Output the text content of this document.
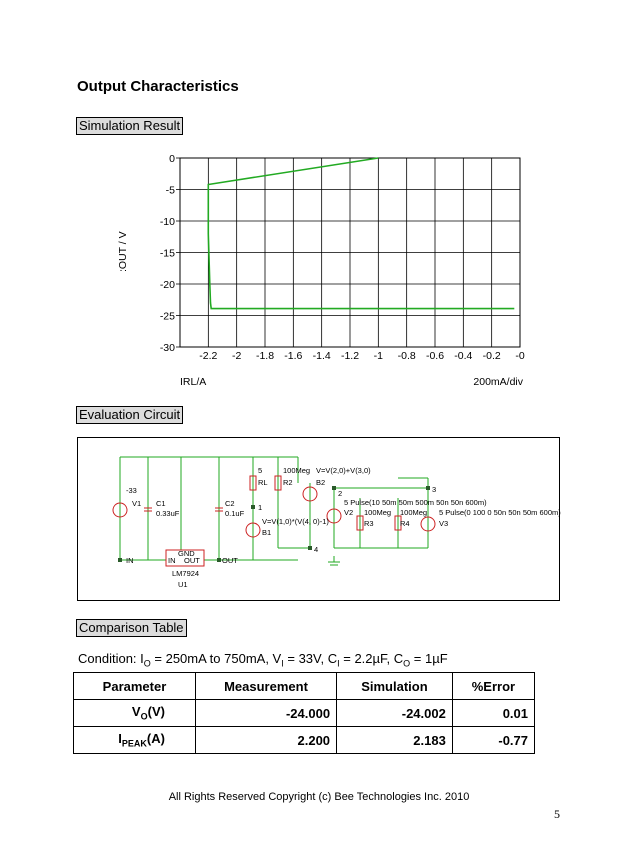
Output Characteristics
Simulation Result
-2.2 -2 -1.8 -1.6 -1.4 -1.2 -1 -0.8 -0.6 -0.4 -0.2 -0
0
-5
-10
-15
-20
-25
-30
:OUT / V
IRL/A	200mA/div
Evaluation Circuit
-33
V1 C1
0.33uF
C2
0.1uF
5
RL
100Meg
R2
V=V(2,0)+V(3,0)
B2
1
V=V(1,0)*(V(4, 0)-1)
B1
2	3
4
5 Pulse(10 50m 50m 500m 50n 50n 600m)
V2 100Meg
R3
100Meg
R4
5 Pulse(0 100 0 50n 50n 50m 600m)
V3
IN
GND
IN OUT	OUT
LM7924
U1
Comparison Table
Condition: $I_O = 250mA$ to 750mA, $V_I = 33V$, $C_I = 2.2\mu F$, $C_O = 1\mu F$
Parameter	Measurement	Simulation	%Error
$V_O(V)$	-24.000	-24.002	0.01
$I_{PEAK}(A)$	2.200	2.183	-0.77
All Rights Reserved Copyright (c) Bee Technologies Inc. 2010
5
